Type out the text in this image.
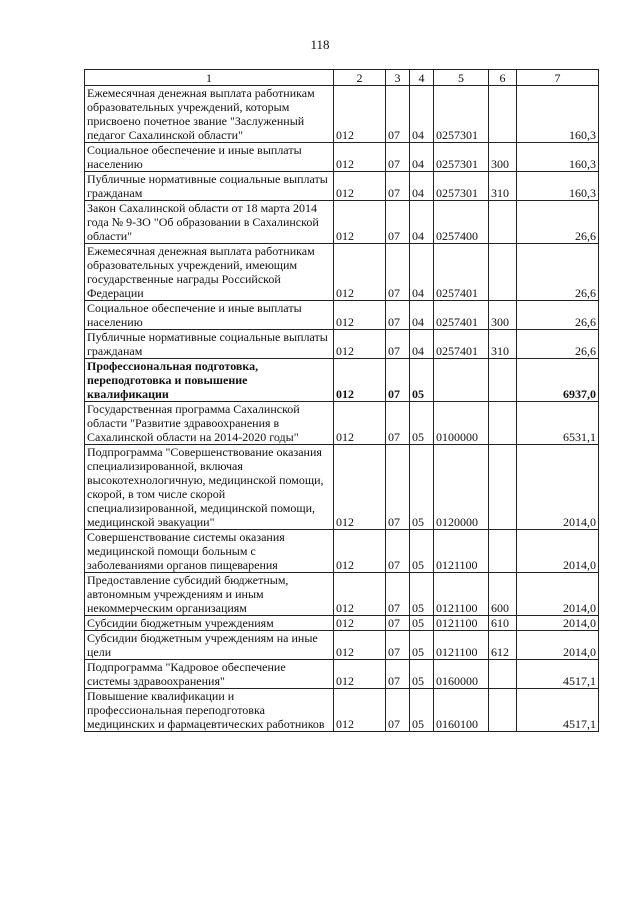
118
1	2	3	4	5	6	7
Ежемесячная денежная выплата работникам образовательных учреждений, которым присвоено почетное звание "Заслуженный педагог Сахалинской области"	012	07	04	0257301		160,3
Социальное обеспечение и иные выплаты населению	012	07	04	0257301	300	160,3
Публичные нормативные социальные выплаты гражданам	012	07	04	0257301	310	160,3
Закон Сахалинской области от 18 марта 2014 года № 9-ЗО "Об образовании в Сахалинской области"	012	07	04	0257400		26,6
Ежемесячная денежная выплата работникам образовательных учреждений, имеющим государственные награды Российской Федерации	012	07	04	0257401		26,6
Социальное обеспечение и иные выплаты населению	012	07	04	0257401	300	26,6
Публичные нормативные социальные выплаты гражданам	012	07	04	0257401	310	26,6
Профессиональная подготовка, переподготовка и повышение квалификации	012	07	05			6937,0
Государственная программа Сахалинской области "Развитие здравоохранения в Сахалинской области на 2014-2020 годы"	012	07	05	0100000		6531,1
Подпрограмма "Совершенствование оказания специализированной, включая высокотехнологичную, медицинской помощи, скорой, в том числе скорой специализированной, медицинской помощи, медицинской эвакуации"	012	07	05	0120000		2014,0
Совершенствование системы оказания медицинской помощи больным с заболеваниями органов пищеварения	012	07	05	0121100		2014,0
Предоставление субсидий бюджетным, автономным учреждениям и иным некоммерческим организациям	012	07	05	0121100	600	2014,0
Субсидии бюджетным учреждениям	012	07	05	0121100	610	2014,0
Субсидии бюджетным учреждениям на иные цели	012	07	05	0121100	612	2014,0
Подпрограмма "Кадровое обеспечение системы здравоохранения"	012	07	05	0160000		4517,1
Повышение квалификации и профессиональная переподготовка медицинских и фармацевтических работников	012	07	05	0160100		4517,1
